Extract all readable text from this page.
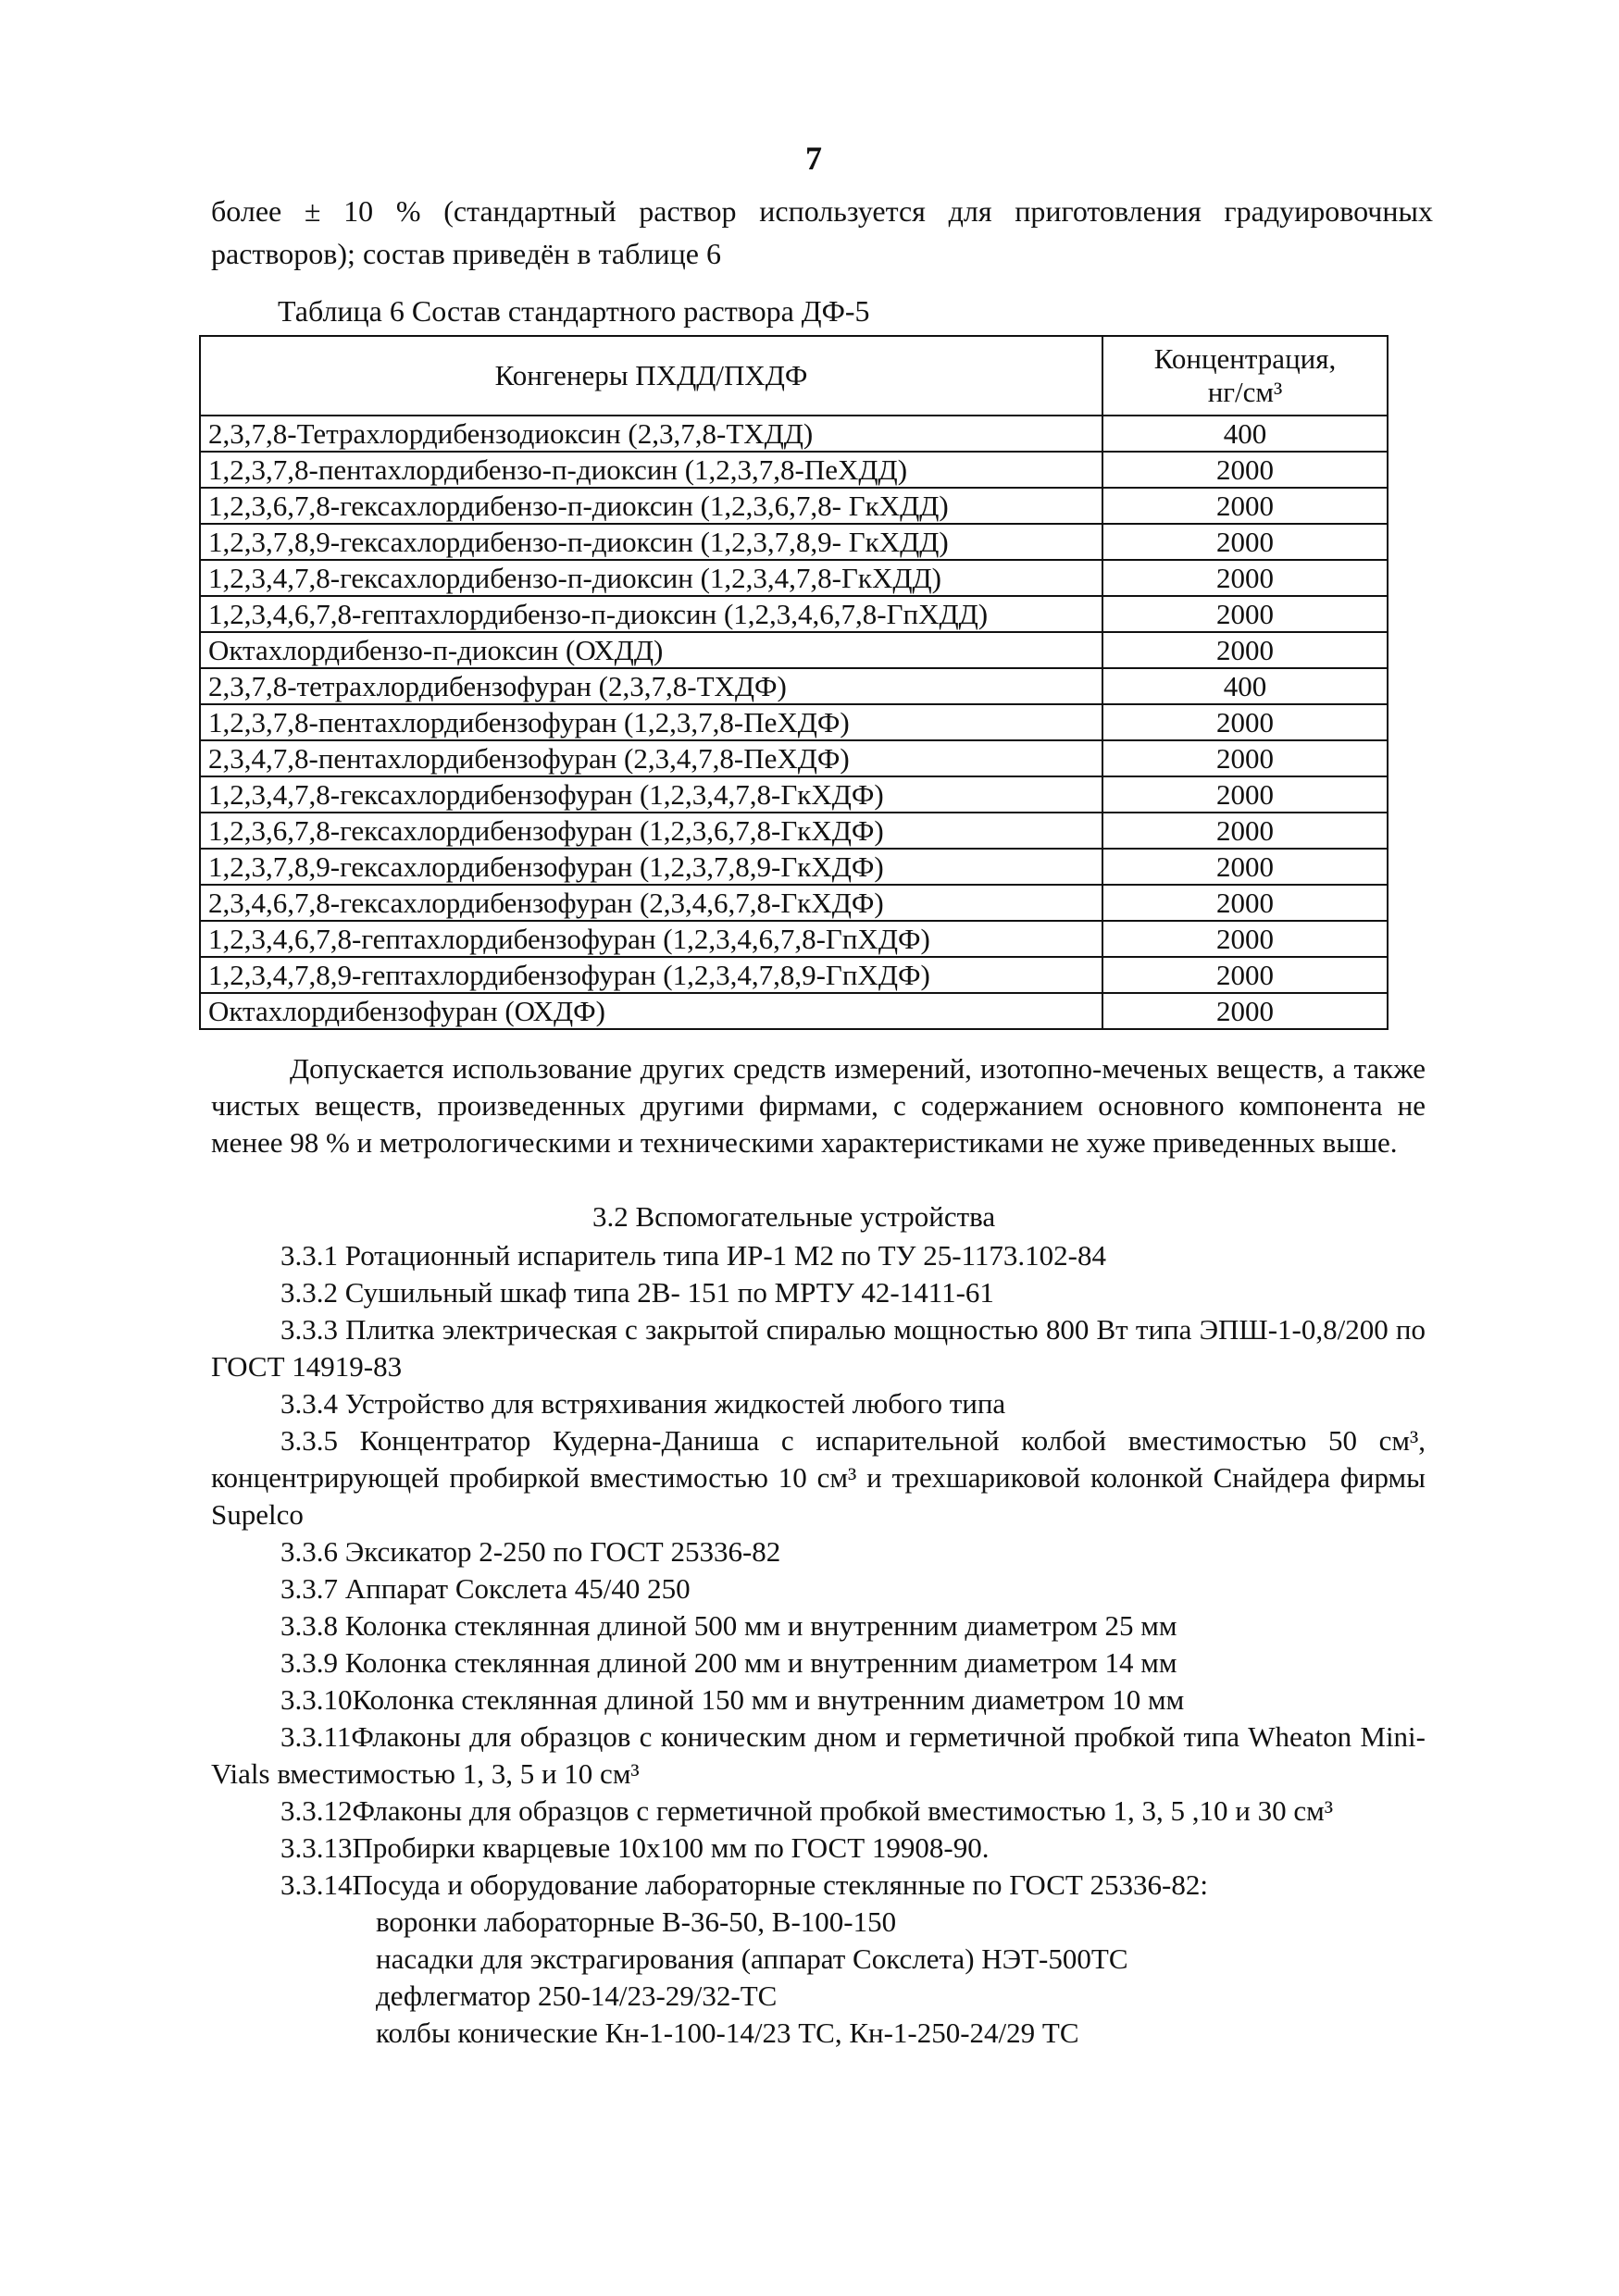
7
более ± 10 % (стандартный раствор используется для приготовления градуировочных растворов); состав приведён в таблице 6
Таблица 6 Состав стандартного раствора ДФ-5
Конгенеры ПХДД/ПХДФ	Концентрация,
нг/см³
2,3,7,8-Тетрахлордибензодиоксин (2,3,7,8-ТХДД)	400
1,2,3,7,8-пентахлордибензо-п-диоксин (1,2,3,7,8-ПеХДД)	2000
1,2,3,6,7,8-гексахлордибензо-п-диоксин (1,2,3,6,7,8- ГкХДД)	2000
1,2,3,7,8,9-гексахлордибензо-п-диоксин (1,2,3,7,8,9- ГкХДД)	2000
1,2,3,4,7,8-гексахлордибензо-п-диоксин (1,2,3,4,7,8-ГкХДД)	2000
1,2,3,4,6,7,8-гептахлордибензо-п-диоксин (1,2,3,4,6,7,8-ГпХДД)	2000
Октахлордибензо-п-диоксин (ОХДД)	2000
2,3,7,8-тетрахлордибензофуран (2,3,7,8-ТХДФ)	400
1,2,3,7,8-пентахлордибензофуран (1,2,3,7,8-ПеХДФ)	2000
2,3,4,7,8-пентахлордибензофуран (2,3,4,7,8-ПеХДФ)	2000
1,2,3,4,7,8-гексахлордибензофуран (1,2,3,4,7,8-ГкХДФ)	2000
1,2,3,6,7,8-гексахлордибензофуран (1,2,3,6,7,8-ГкХДФ)	2000
1,2,3,7,8,9-гексахлордибензофуран (1,2,3,7,8,9-ГкХДФ)	2000
2,3,4,6,7,8-гексахлордибензофуран (2,3,4,6,7,8-ГкХДФ)	2000
1,2,3,4,6,7,8-гептахлордибензофуран (1,2,3,4,6,7,8-ГпХДФ)	2000
1,2,3,4,7,8,9-гептахлордибензофуран (1,2,3,4,7,8,9-ГпХДФ)	2000
Октахлордибензофуран (ОХДФ)	2000
Допускается использование других средств измерений, изотопно-меченых веществ, а также чистых веществ, произведенных другими фирмами, с содержанием основного компонента не менее 98 % и метрологическими и техническими характеристиками не хуже приведенных выше.
3.2 Вспомогательные устройства
3.3.1 Ротационный испаритель типа ИР-1 М2 по ТУ 25-1173.102-84
3.3.2 Сушильный шкаф типа 2В- 151 по МРТУ 42-1411-61
3.3.3 Плитка электрическая с закрытой спиралью мощностью 800 Вт типа ЭПШ-1-0,8/200 по ГОСТ 14919-83
3.3.4 Устройство для встряхивания жидкостей любого типа
3.3.5 Концентратор Кудерна-Даниша с испарительной колбой вместимостью 50 см³, концентрирующей пробиркой вместимостью 10 см³ и трехшариковой колонкой Снайдера фирмы Supelco
3.3.6 Эксикатор 2-250 по ГОСТ 25336-82
3.3.7 Аппарат Сокслета 45/40 250
3.3.8 Колонка стеклянная длиной 500 мм и внутренним диаметром 25 мм
3.3.9 Колонка стеклянная длиной 200 мм и внутренним диаметром 14 мм
3.3.10Колонка стеклянная длиной 150 мм и внутренним диаметром 10 мм
3.3.11Флаконы для образцов с коническим дном и герметичной пробкой типа Wheaton Mini-Vials вместимостью 1, 3, 5 и 10 см³
3.3.12Флаконы для образцов с герметичной пробкой вместимостью 1, 3, 5 ,10 и 30 см³
3.3.13Пробирки кварцевые 10x100 мм по ГОСТ 19908-90.
3.3.14Посуда и оборудование лабораторные стеклянные по ГОСТ 25336-82:
воронки лабораторные В-36-50, В-100-150
насадки для экстрагирования (аппарат Сокслета) НЭТ-500ТС
дефлегматор 250-14/23-29/32-ТС
колбы конические Кн-1-100-14/23 ТС, Кн-1-250-24/29 ТС
